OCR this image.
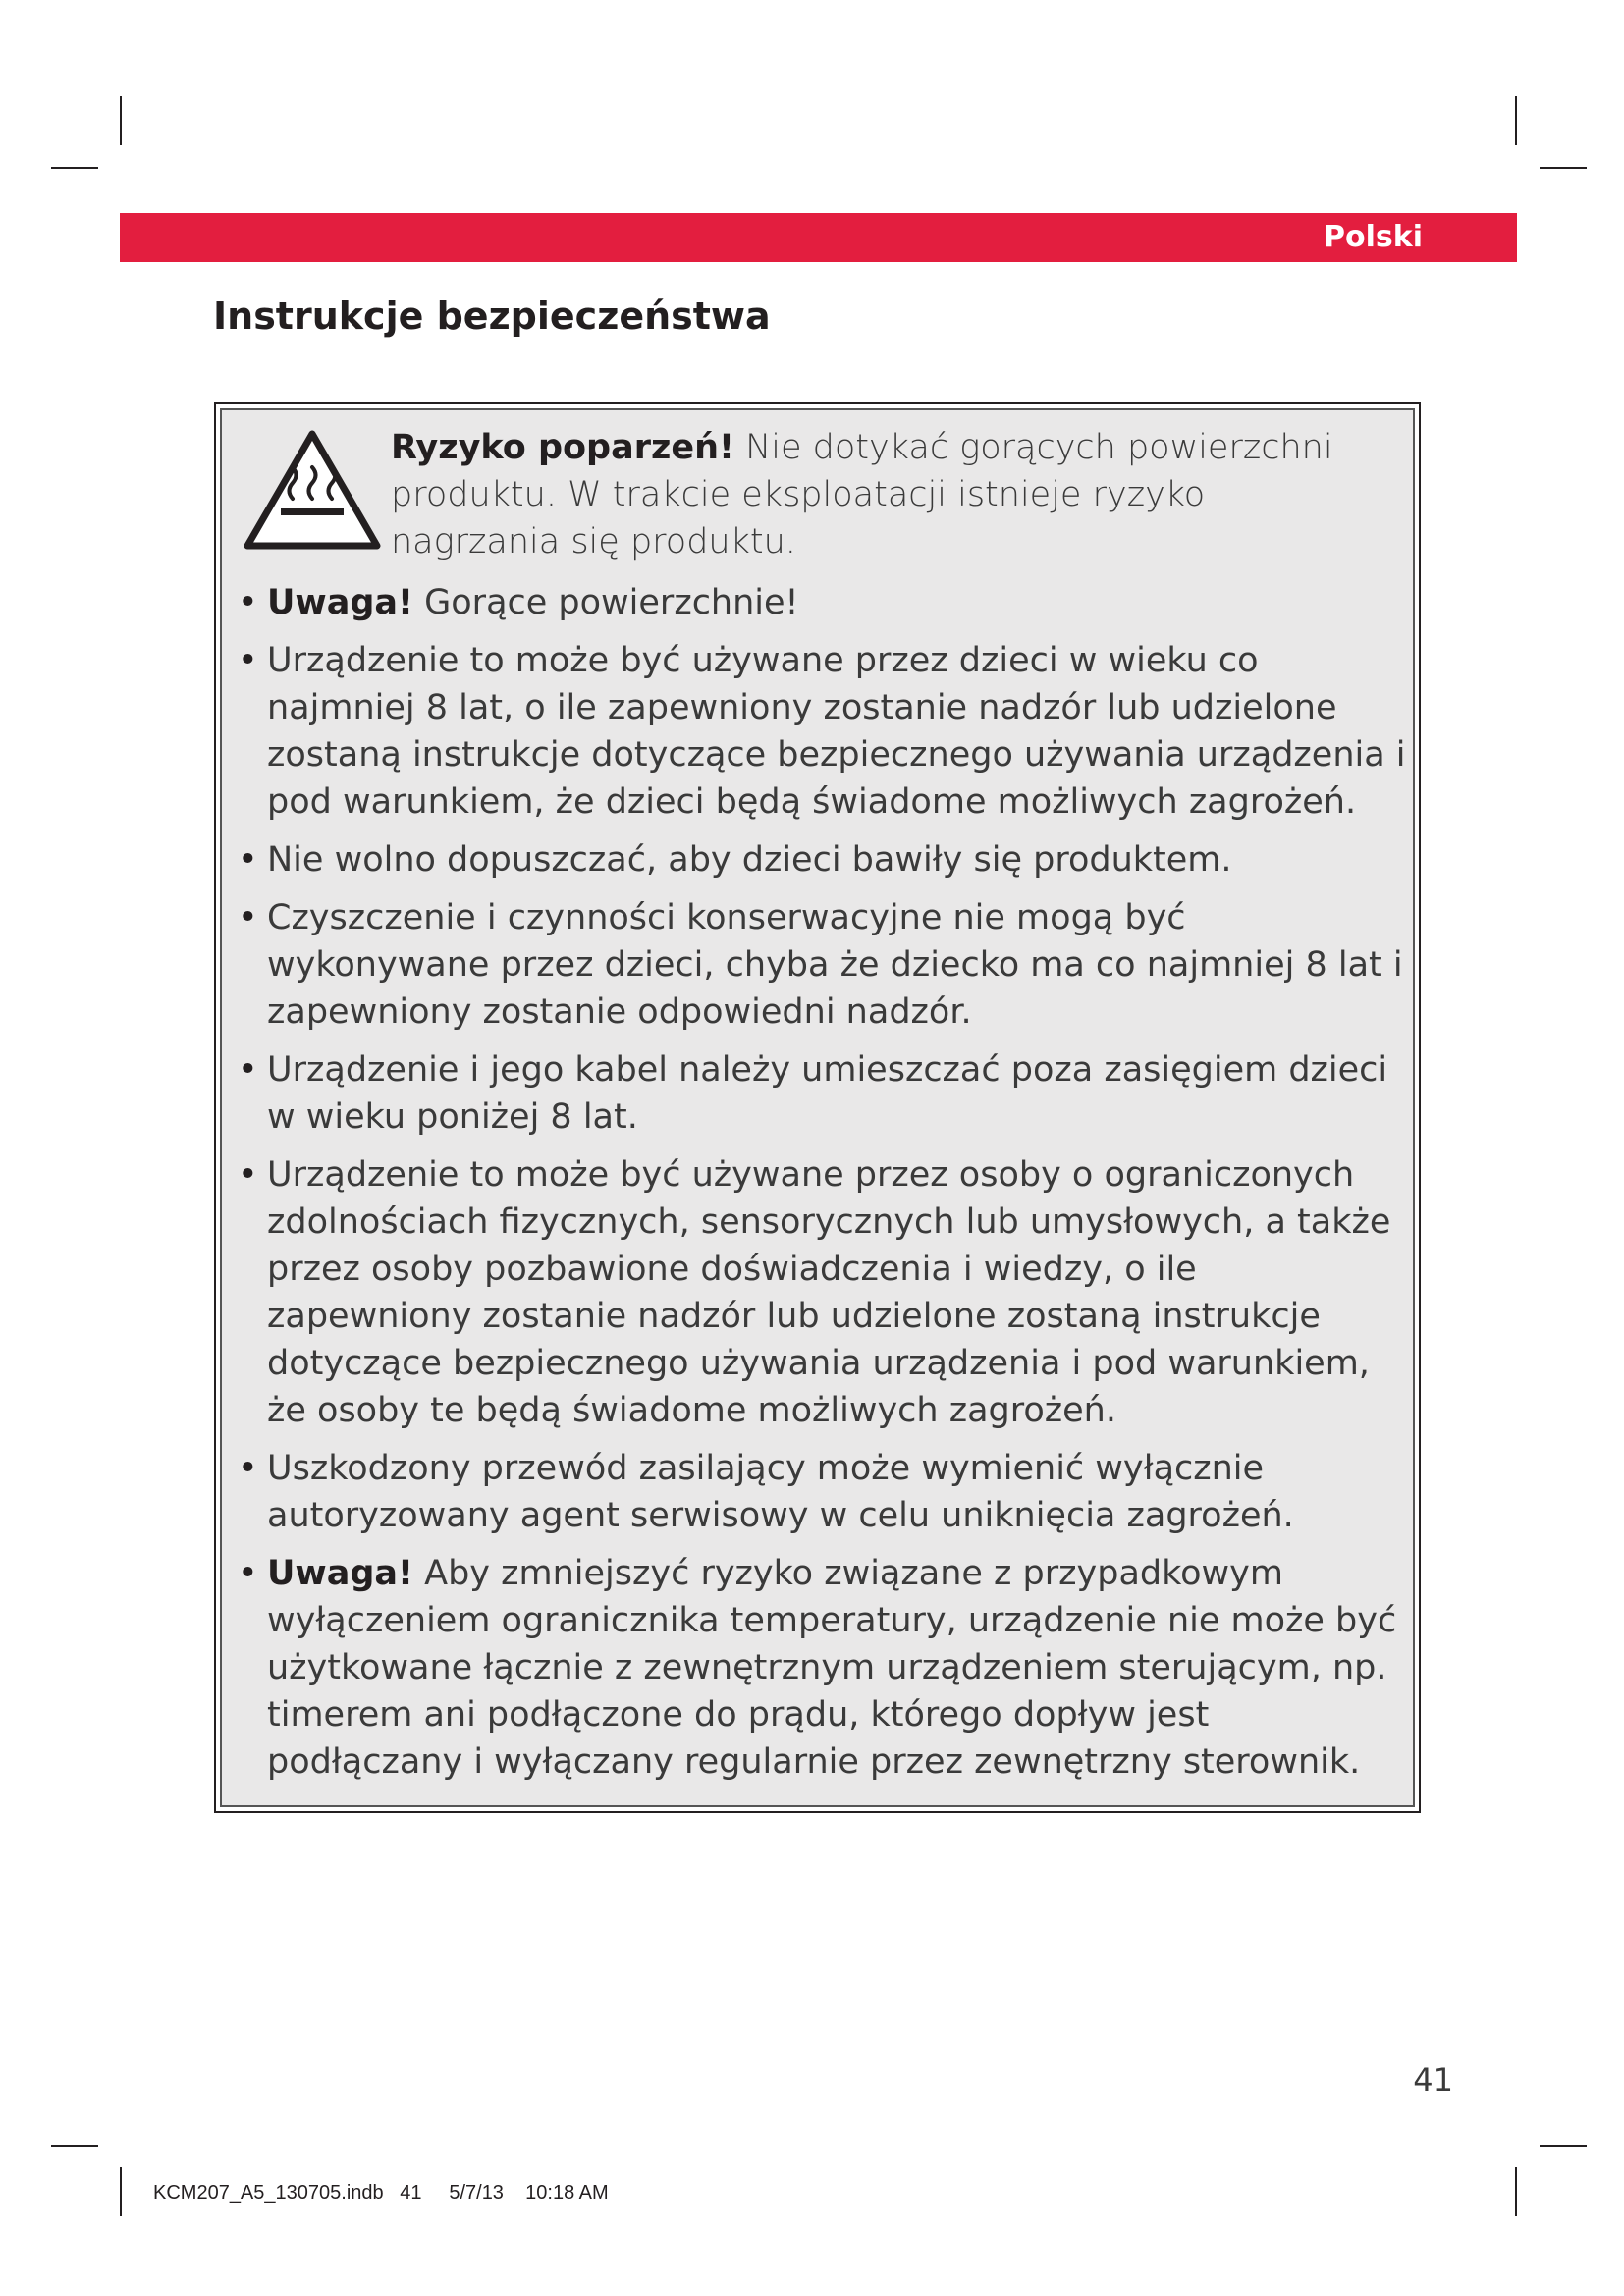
Polski
Instrukcje bezpieczeństwa
Ryzyko poparzeń! Nie dotykać gorących powierzchni produktu. W trakcie eksploatacji istnieje ryzyko nagrzania się produktu.
• Uwaga! Gorące powierzchnie!
• Urządzenie to może być używane przez dzieci w wieku co najmniej 8 lat, o ile zapewniony zostanie nadzór lub udzielone zostaną instrukcje dotyczące bezpiecznego używania urządzenia i pod warunkiem, że dzieci będą świadome możliwych zagrożeń.
• Nie wolno dopuszczać, aby dzieci bawiły się produktem.
• Czyszczenie i czynności konserwacyjne nie mogą być wykonywane przez dzieci, chyba że dziecko ma co najmniej 8 lat i zapewniony zostanie odpowiedni nadzór.
• Urządzenie i jego kabel należy umieszczać poza zasięgiem dzieci w wieku poniżej 8 lat.
• Urządzenie to może być używane przez osoby o ograniczonych zdolnościach fizycznych, sensorycznych lub umysłowych, a także przez osoby pozbawione doświadczenia i wiedzy, o ile zapewniony zostanie nadzór lub udzielone zostaną instrukcje dotyczące bezpiecznego używania urządzenia i pod warunkiem, że osoby te będą świadome możliwych zagrożeń.
• Uszkodzony przewód zasilający może wymienić wyłącznie autoryzowany agent serwisowy w celu uniknięcia zagrożeń.
• Uwaga! Aby zmniejszyć ryzyko związane z przypadkowym wyłączeniem ogranicznika temperatury, urządzenie nie może być użytkowane łącznie z zewnętrznym urządzeniem sterującym, np. timerem ani podłączone do prądu, którego dopływ jest podłączany i wyłączany regularnie przez zewnętrzny sterownik.
41
KCM207_A5_130705.indb   41     5/7/13    10:18 AM
